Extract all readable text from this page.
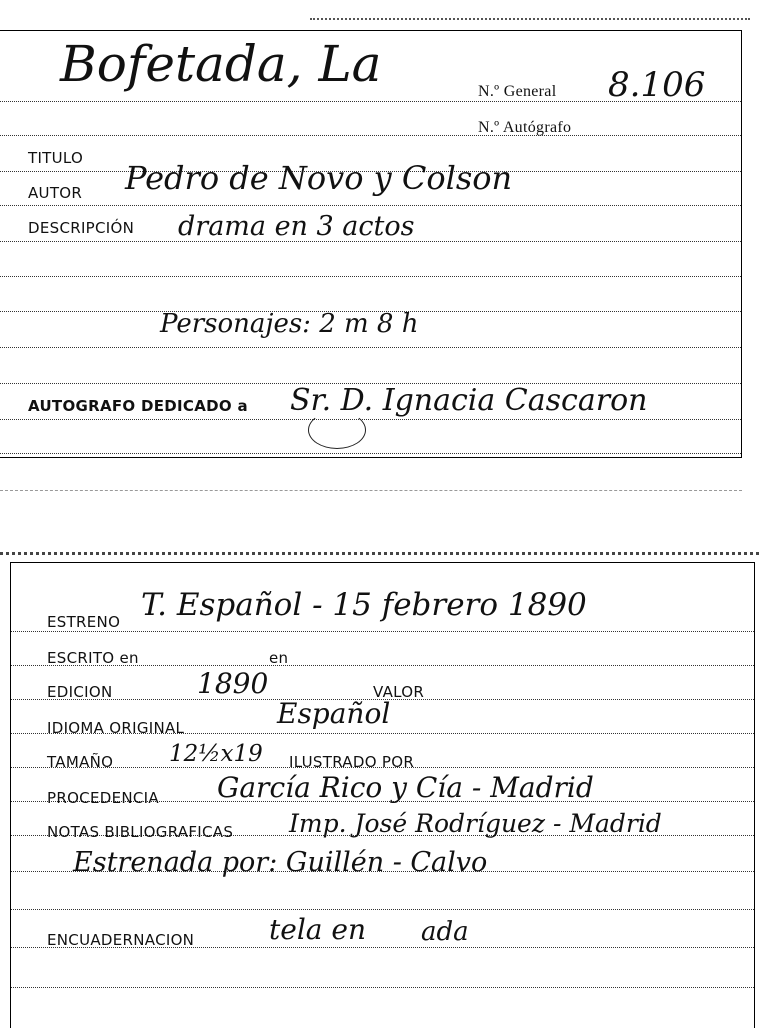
Bofetada, La	N.º General 8.106
N.º Autógrafo
TITULO
AUTOR Pedro de Novo y Colson
DESCRIPCIÓN drama en 3 actos
Personajes: 2 m 8 h
AUTOGRAFO DEDICADO a Sr. D. Ignacia Cascaron
ESTRENO T. Español - 15 febrero 1890
ESCRITO en	en
EDICION	1890	VALOR
IDIOMA ORIGINAL	Español
TAMAÑO 12½x19 ILUSTRADO POR
PROCEDENCIA García Rico y Cía - Madrid
NOTAS BIBLIOGRAFICAS Imp. José Rodríguez - Madrid
Estrenada por: Guillén - Calvo
ENCUADERNACION	tela en ada
